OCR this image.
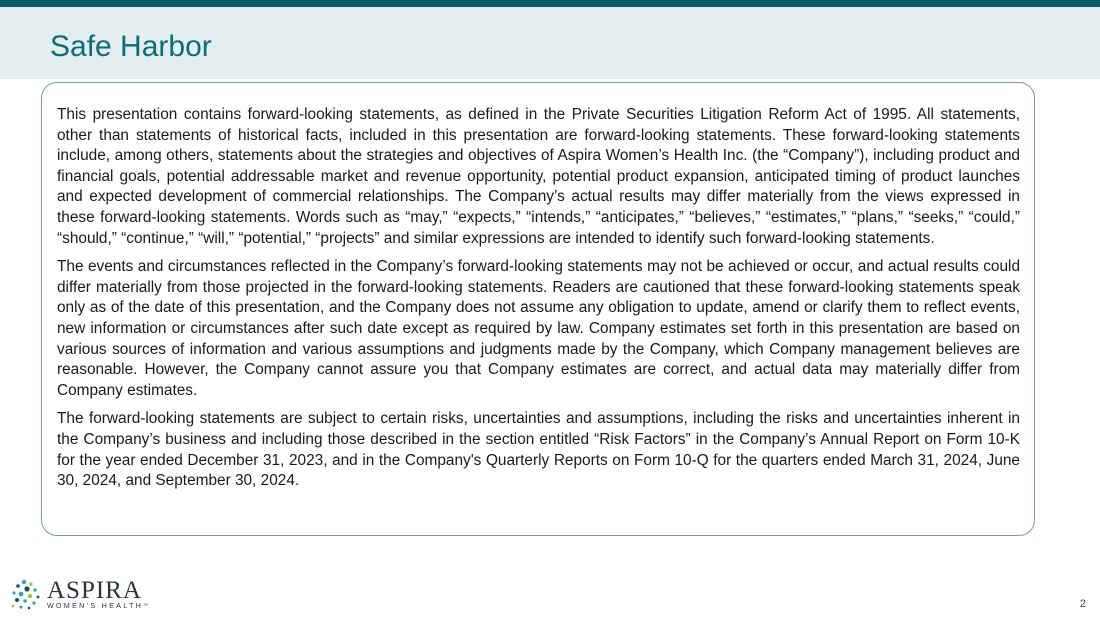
Safe Harbor

This presentation contains forward-looking statements, as defined in the Private Securities Litigation Reform Act of 1995. All statements, other than statements of historical facts, included in this presentation are forward-looking statements. These forward-looking statements include, among others, statements about the strategies and objectives of Aspira Women’s Health Inc. (the “Company”), including product and financial goals, potential addressable market and revenue opportunity, potential product expansion, anticipated timing of product launches and expected development of commercial relationships. The Company’s actual results may differ materially from the views expressed in these forward-looking statements. Words such as “may,” “expects,” “intends,” “anticipates,” “believes,” “estimates,” “plans,” “seeks,” “could,” “should,” “continue,” “will,” “potential,” “projects” and similar expressions are intended to identify such forward-looking statements.

The events and circumstances reflected in the Company’s forward-looking statements may not be achieved or occur, and actual results could differ materially from those projected in the forward-looking statements. Readers are cautioned that these forward-looking statements speak only as of the date of this presentation, and the Company does not assume any obligation to update, amend or clarify them to reflect events, new information or circumstances after such date except as required by law. Company estimates set forth in this presentation are based on various sources of information and various assumptions and judgments made by the Company, which Company management believes are reasonable. However, the Company cannot assure you that Company estimates are correct, and actual data may materially differ from Company estimates.

The forward-looking statements are subject to certain risks, uncertainties and assumptions, including the risks and uncertainties inherent in the Company’s business and including those described in the section entitled “Risk Factors” in the Company’s Annual Report on Form 10-K for the year ended December 31, 2023, and in the Company's Quarterly Reports on Form 10-Q for the quarters ended March 31, 2024, June 30, 2024, and September 30, 2024.

ASPIRA
WOMEN'S HEALTH™	2
